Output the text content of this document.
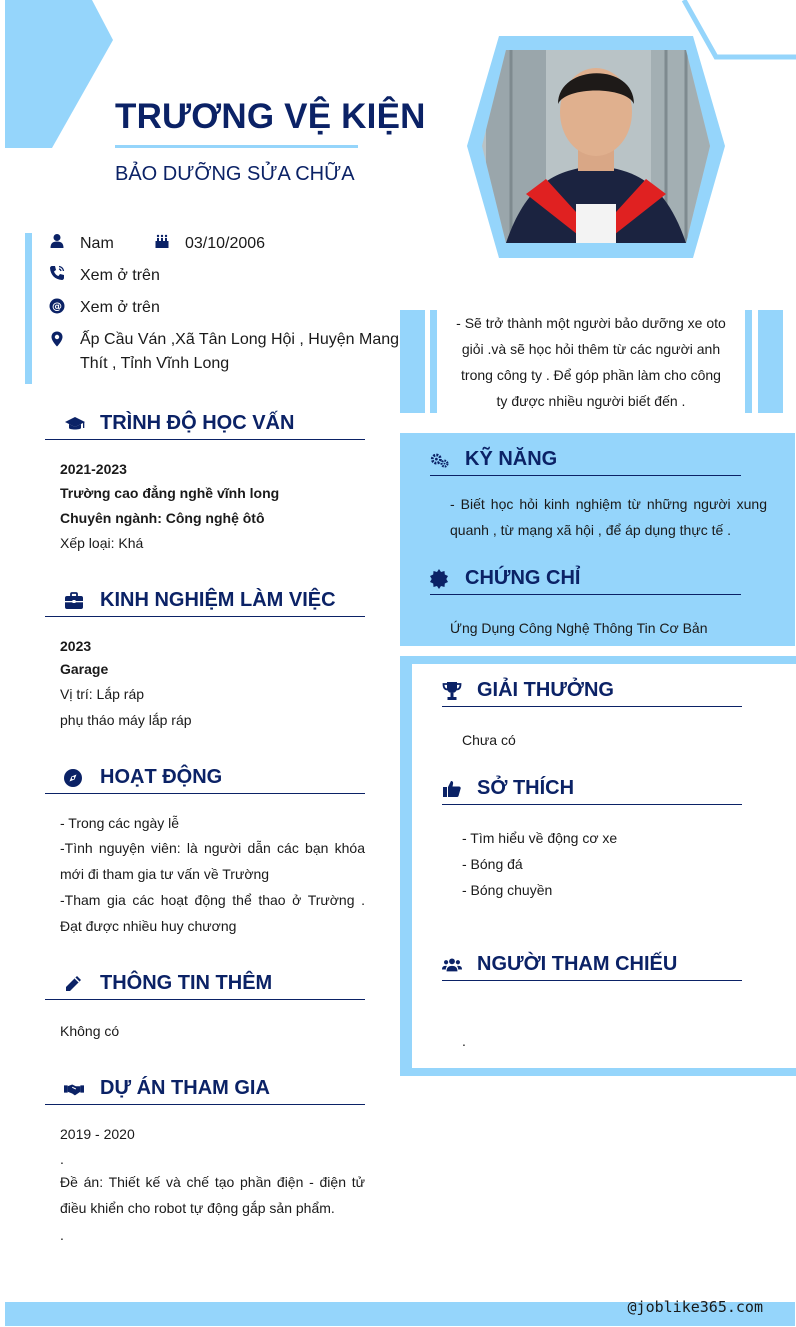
TRƯƠNG VỆ KIỆN
BẢO DƯỠNG SỬA CHỮA
Nam	03/10/2006
Xem ở trên
@ Xem ở trên
Ấp Cầu Ván ,Xã Tân Long Hội , Huyện Mang
Thít , Tỉnh Vĩnh Long
- Sẽ trở thành một người bảo dưỡng xe oto giỏi .và sẽ học hỏi thêm từ các người anh trong công ty . Để góp phần làm cho công ty được nhiều người biết đến .
TRÌNH ĐỘ HỌC VẤN
2021-2023
Trường cao đẳng nghề vĩnh long
Chuyên ngành: Công nghệ ôtô
Xếp loại: Khá
KINH NGHIỆM LÀM VIỆC
2023
Garage
Vị trí: Lắp ráp
phụ tháo máy lắp ráp
HOẠT ĐỘNG
- Trong các ngày lễ
-Tình nguyện viên: là người dẫn các bạn khóa mới đi tham gia tư vấn về Trường
-Tham gia các hoạt động thể thao ở Trường . Đạt được nhiều huy chương
THÔNG TIN THÊM
Không có
DỰ ÁN THAM GIA
2019 - 2020
.
Đề án: Thiết kế và chế tạo phần điện - điện tử điều khiển cho robot tự động gắp sản phẩm.
.
KỸ NĂNG
- Biết học hỏi kinh nghiệm từ những người xung quanh , từ mạng xã hội , để áp dụng thực tế .
CHỨNG CHỈ
Ứng Dụng Công Nghệ Thông Tin Cơ Bản
GIẢI THƯỞNG
Chưa có
SỞ THÍCH
- Tìm hiểu về động cơ xe
- Bóng đá
- Bóng chuyền
NGƯỜI THAM CHIẾU
.
@joblike365.com
